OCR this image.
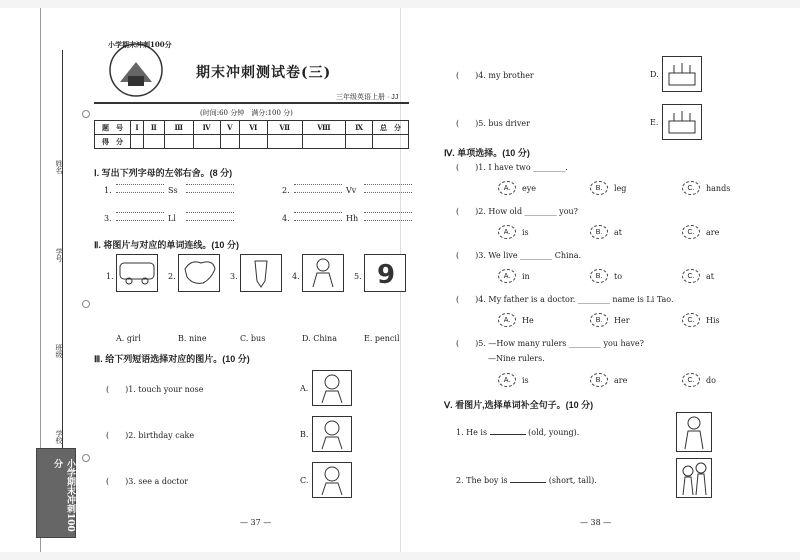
姓名
学号
班级
学校
小学期末冲刺100分
小学期末冲刺100分
期末冲刺测试卷(三)
三年级英语上册 · JJ
(时间:60 分钟　满分:100 分)
题　号	Ⅰ	Ⅱ	Ⅲ	Ⅳ	Ⅴ	Ⅵ	Ⅶ	Ⅷ	Ⅸ	总　分
得　分										
Ⅰ. 写出下列字母的左邻右舍。(8 分)
1.	Ss	2.	Vv
3.	Ll	4.	Hh
Ⅱ. 将图片与对应的单词连线。(10 分)
1.	2.	3.	4.	5. 9
A. girl	B. nine	C. bus	D. China	E. pencil
Ⅲ. 给下列短语选择对应的图片。(10 分)
(　　)1. touch your nose	A.
(　　)2. birthday cake	B.
(　　)3. see a doctor	C.
— 37 —
(　　)4. my brother	D.
(　　)5. bus driver	E.
Ⅳ. 单项选择。(10 分)
(　　)1. I have two ________.
A.	eye	B.	leg	C.	hands
(　　)2. How old ________ you?
A.	is	B.	at	C.	are
(　　)3. We live ________ China.
A.	in	B.	to	C.	at
(　　)4. My father is a doctor. ________ name is Li Tao.
A.	He	B.	Her	C.	His
(　　)5. —How many rulers ________ you have?
—Nine rulers.
A.	is	B.	are	C.	do
Ⅴ. 看图片,选择单词补全句子。(10 分)
1. He is	(old, young).
2. The boy is	(short, tall).
— 38 —
